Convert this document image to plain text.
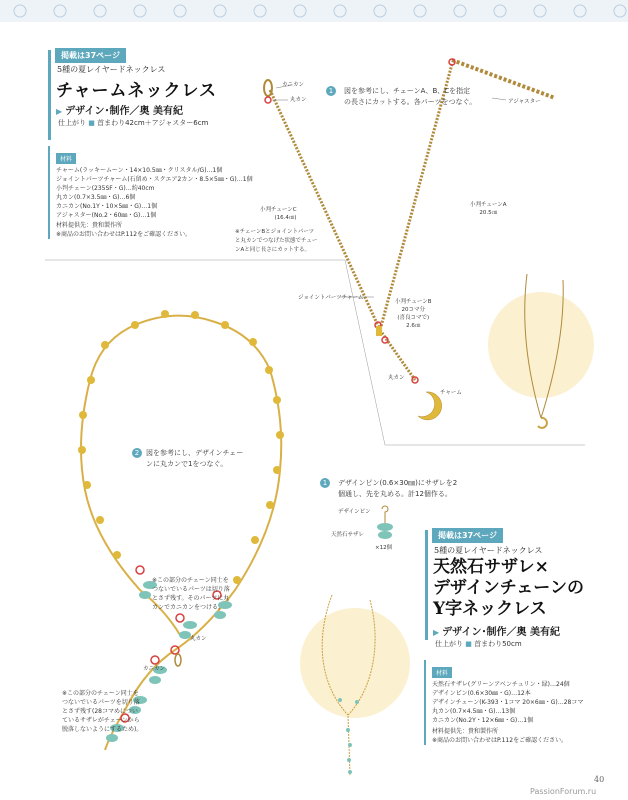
掲載は37ページ
5種の夏レイヤードネックレス
チャームネックレス
▶ デザイン･制作／奥 美有紀
仕上がり ■ 首まわり42cm＋アジャスター6cm
材料
チャーム(ラッキームーン・14×10.5㎜・クリスタル/G)…1個
ジョイントパーツチャーム(石留め・スクエア2カン・8.5×5㎜・G)…1個
小判チェーン(235SF・G)…約40cm
丸カン(0.7×3.5㎜・G)…6個
カニカン(No.1Y・10×5㎜・G)…1個
アジャスター(No.2・60㎜・G)…1個
材料提供先：貴和製作所
※商品のお問い合わせはP.112をご確認ください。
1 図を参考にし、チェーンA、B、Cを指定
の長さにカットする。各パーツをつなぐ。
カニカン
丸カン	アジャスター
小判チェーンC
(16.4㎝)
小判チェーンA
20.5㎝
※チェーンBとジョイントパーツ
と丸カンでつなげた状態でチェー
ンAと同じ長さにカットする。
ジョイントパーツチャーム
小判チェーンB
20コマ分
(喜良コマで)
2.6㎝
丸カン
チャーム
2 図を参考にし、デザインチェー
ンに丸カンで1をつなぐ。
1 デザインピン(0.6×30㎜)にサザレを2
個通し、先を丸める。計12個作る。
デザインピン
天然石サザレ
×12個
※この部分のチェーン同士を
つないでいるパーツは切り落
とさず残す。そのパーツに丸
カンでカニカンをつける。
丸カン
カニカン
※この部分のチェーン同士を
つないでいるパーツを切り落
とさず残す(28コマめについ
ているサザレがチェーンから
脱落しないようにするため)。
掲載は37ページ
5種の夏レイヤードネックレス
天然石サザレ×
デザインチェーンの
Y字ネックレス
▶ デザイン･制作／奥 美有紀
仕上がり ■ 首まわり50cm
材料
天然石サザレ(グリーンアベンチュリン・緑)…24個
デザインピン(0.6×30㎜・G)…12本
デザインチェーン(K-393・1コマ 20×6㎜・G)…28コマ
丸カン(0.7×4.5㎜・G)…13個
カニカン(No.2Y・12×6㎜・G)…1個
材料提供先：貴和製作所
※商品のお問い合わせはP.112をご確認ください。
40
PassionForum.ru
